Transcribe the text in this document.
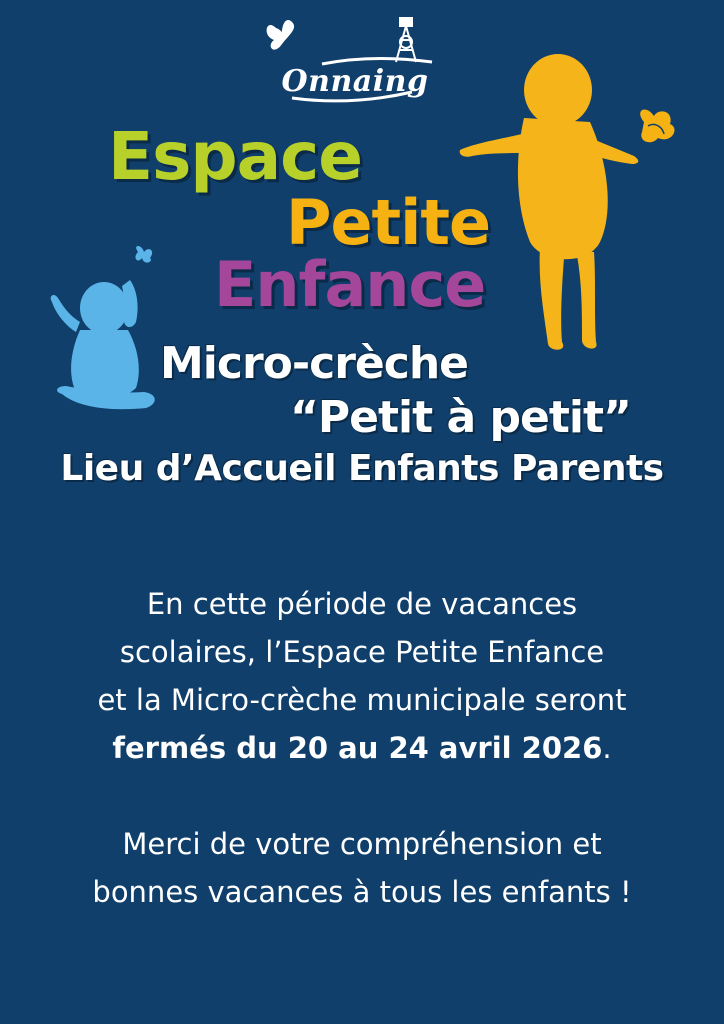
Onnaing
Espace
Petite
Enfance
Micro-crèche
“Petit à petit”
Lieu d’Accueil Enfants Parents

En cette période de vacances

scolaires, l’Espace Petite Enfance

et la Micro-crèche municipale seront

fermés du 20 au 24 avril 2026.

Merci de votre compréhension et

bonnes vacances à tous les enfants !
